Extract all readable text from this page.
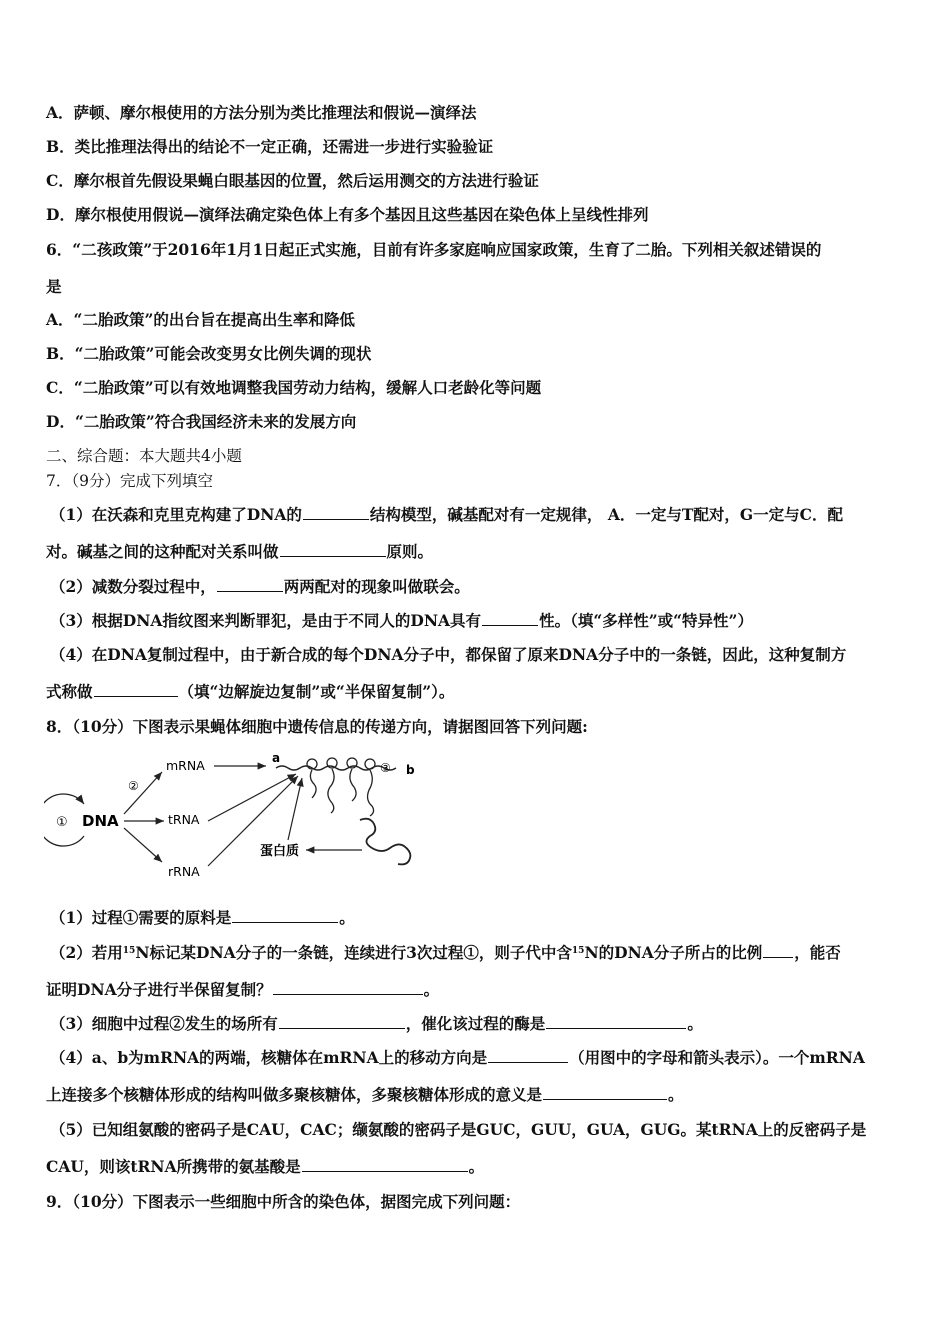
A．萨顿、摩尔根使用的方法分别为类比推理法和假说—演绎法
B．类比推理法得出的结论不一定正确，还需进一步进行实验验证
C．摩尔根首先假设果蝇白眼基因的位置，然后运用测交的方法进行验证
D．摩尔根使用假说—演绎法确定染色体上有多个基因且这些基因在染色体上呈线性排列
6．“二孩政策”于2016年1月1日起正式实施，目前有许多家庭响应国家政策，生育了二胎。下列相关叙述错误的
是
A．“二胎政策”的出台旨在提高出生率和降低
B．“二胎政策”可能会改变男女比例失调的现状
C．“二胎政策”可以有效地调整我国劳动力结构，缓解人口老龄化等问题
D．“二胎政策”符合我国经济未来的发展方向
二、综合题：本大题共4小题
7．（9分）完成下列填空
（1）在沃森和克里克构建了DNA的	结构模型，碱基配对有一定规律， A．一定与T配对，G一定与C．配
对。碱基之间的这种配对关系叫做	原则。
（2）减数分裂过程中，	两两配对的现象叫做联会。
（3）根据DNA指纹图来判断罪犯，是由于不同人的DNA具有	性。（填“多样性”或“特异性”）
（4）在DNA复制过程中，由于新合成的每个DNA分子中，都保留了原来DNA分子中的一条链，因此，这种复制方
式称做	（填“边解旋边复制”或“半保留复制”）。
8．（10分）下图表示果蝇体细胞中遗传信息的传递方向，请据图回答下列问题:
① DNA
②
mRNA
tRNA
rRNA
a
③ b
蛋白质
（1）过程①需要的原料是	。
（2）若用$^{15}$N标记某DNA分子的一条链，连续进行3次过程①，则子代中含$^{15}$N的DNA分子所占的比例 ，能否
证明DNA分子进行半保留复制？	。
（3）细胞中过程②发生的场所有	，催化该过程的酶是	。
（4）a、b为mRNA的两端，核糖体在mRNA上的移动方向是	（用图中的字母和箭头表示）。一个mRNA
上连接多个核糖体形成的结构叫做多聚核糖体，多聚核糖体形成的意义是	。
（5）已知组氨酸的密码子是CAU，CAC；缬氨酸的密码子是GUC，GUU，GUA，GUG。某tRNA上的反密码子是
CAU，则该tRNA所携带的氨基酸是	。
9．（10分）下图表示一些细胞中所含的染色体，据图完成下列问题：
